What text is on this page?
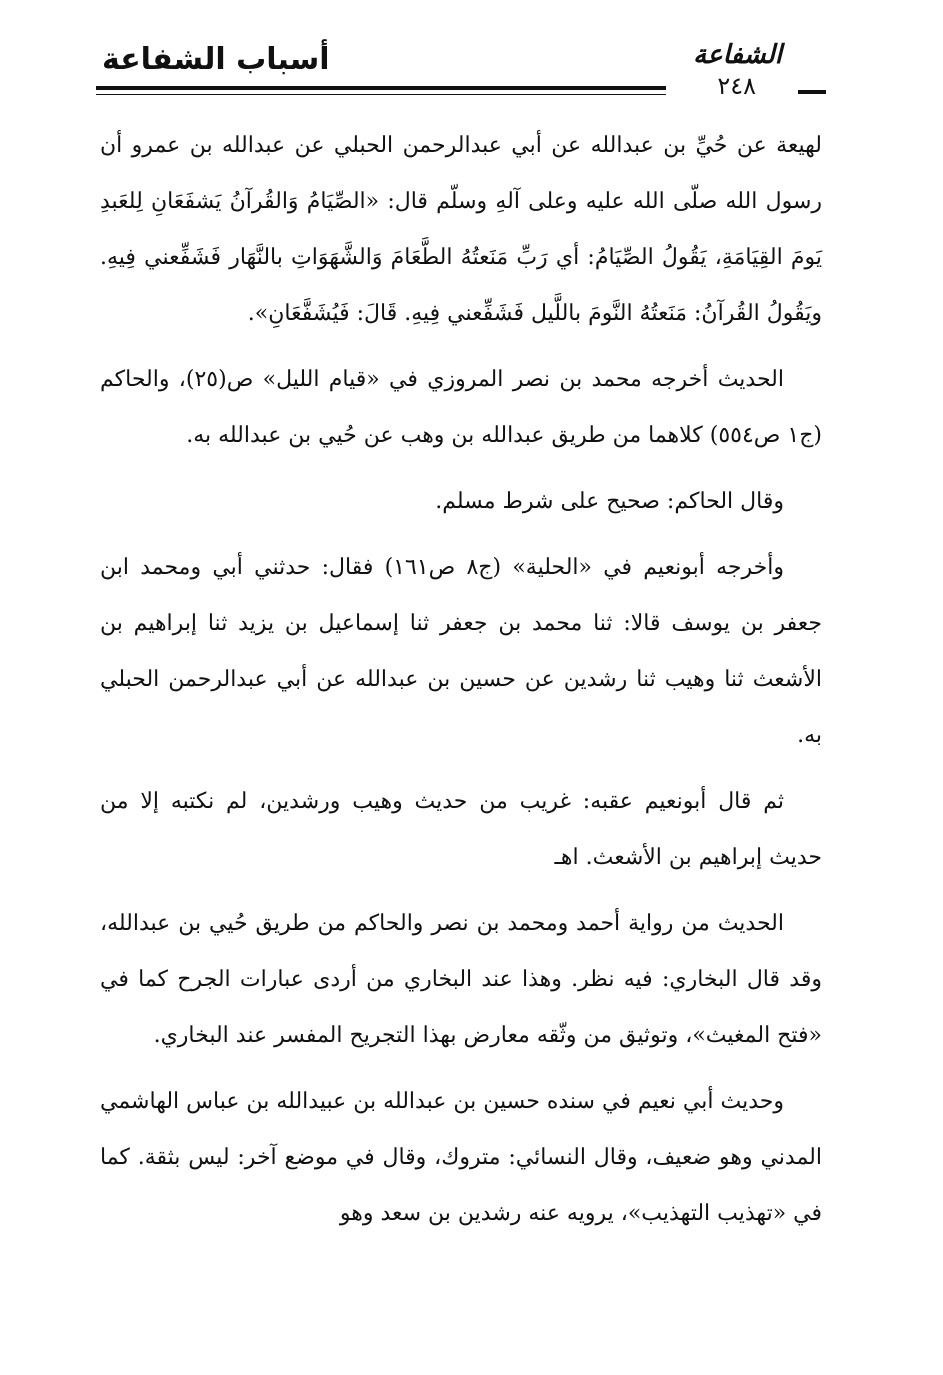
أسباب الشفاعة	الشفاعة
٢٤٨

لهيعة عن حُيِّ بن عبدالله عن أبي عبدالرحمن الحبلي عن عبدالله بن عمرو أن رسول الله صلّى الله عليه وعلى آلهِ وسلّم قال: «الصِّيَامُ وَالقُرآنُ يَشفَعَانِ لِلعَبدِ يَومَ القِيَامَةِ، يَقُولُ الصِّيَامُ: أي رَبِّ مَنَعتُهُ الطَّعَامَ وَالشَّهَوَاتِ بالنَّهَار فَشَفِّعني فِيهِ. ويَقُولُ القُرآنُ: مَنَعتُهُ النَّومَ باللَّيل فَشَفِّعني فِيهِ. قَالَ: فَيُشَفَّعَانِ».

الحديث أخرجه محمد بن نصر المروزي في «قيام الليل» ص(٢٥)، والحاكم (ج١ ص٥٥٤) كلاهما من طريق عبدالله بن وهب عن حُيي بن عبدالله به.

وقال الحاكم: صحيح على شرط مسلم.

وأخرجه أبونعيم في «الحلية» (ج٨ ص١٦١) فقال: حدثني أبي ومحمد ابن جعفر بن يوسف قالا: ثنا محمد بن جعفر ثنا إسماعيل بن يزيد ثنا إبراهيم بن الأشعث ثنا وهيب ثنا رشدين عن حسين بن عبدالله عن أبي عبدالرحمن الحبلي به.

ثم قال أبونعيم عقبه: غريب من حديث وهيب ورشدين، لم نكتبه إلا من حديث إبراهيم بن الأشعث. اهـ

الحديث من رواية أحمد ومحمد بن نصر والحاكم من طريق حُيي بن عبدالله، وقد قال البخاري: فيه نظر. وهذا عند البخاري من أردى عبارات الجرح كما في «فتح المغيث»، وتوثيق من وثّقه معارض بهذا التجريح المفسر عند البخاري.

وحديث أبي نعيم في سنده حسين بن عبدالله بن عبيدالله بن عباس الهاشمي المدني وهو ضعيف، وقال النسائي: متروك، وقال في موضع آخر: ليس بثقة. كما في «تهذيب التهذيب»، يرويه عنه رشدين بن سعد وهو
